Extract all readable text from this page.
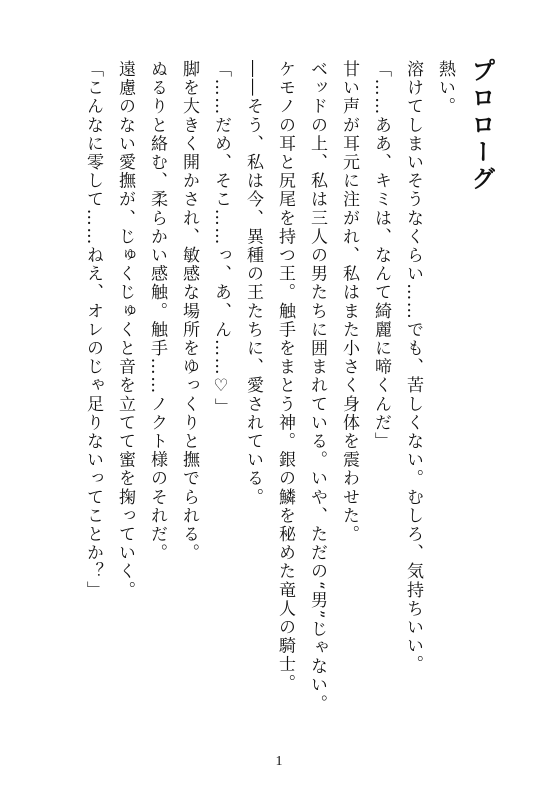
プロローグ
熱い。
溶けてしまいそうなくらい……でも、苦しくない。むしろ、気持ちいい。
「……ああ、キミは、なんて綺麗に啼くんだ」
甘い声が耳元に注がれ、私はまた小さく身体を震わせた。
ベッドの上、私は三人の男たちに囲まれている。いや、ただの“男”じゃない。
ケモノの耳と尻尾を持つ王。触手をまとう神。銀の鱗を秘めた竜人の騎士。
――そう、私は今、異種の王たちに、愛されている。
「……だめ、そこ……っ、あ、ん……♡」
脚を大きく開かされ、敏感な場所をゆっくりと撫でられる。
ぬるりと絡む、柔らかい感触。触手……ノクト様のそれだ。
遠慮のない愛撫が、じゅくじゅくと音を立てて蜜を掬っていく。
「こんなに零して……ねえ、オレのじゃ足りないってことか？」
1
